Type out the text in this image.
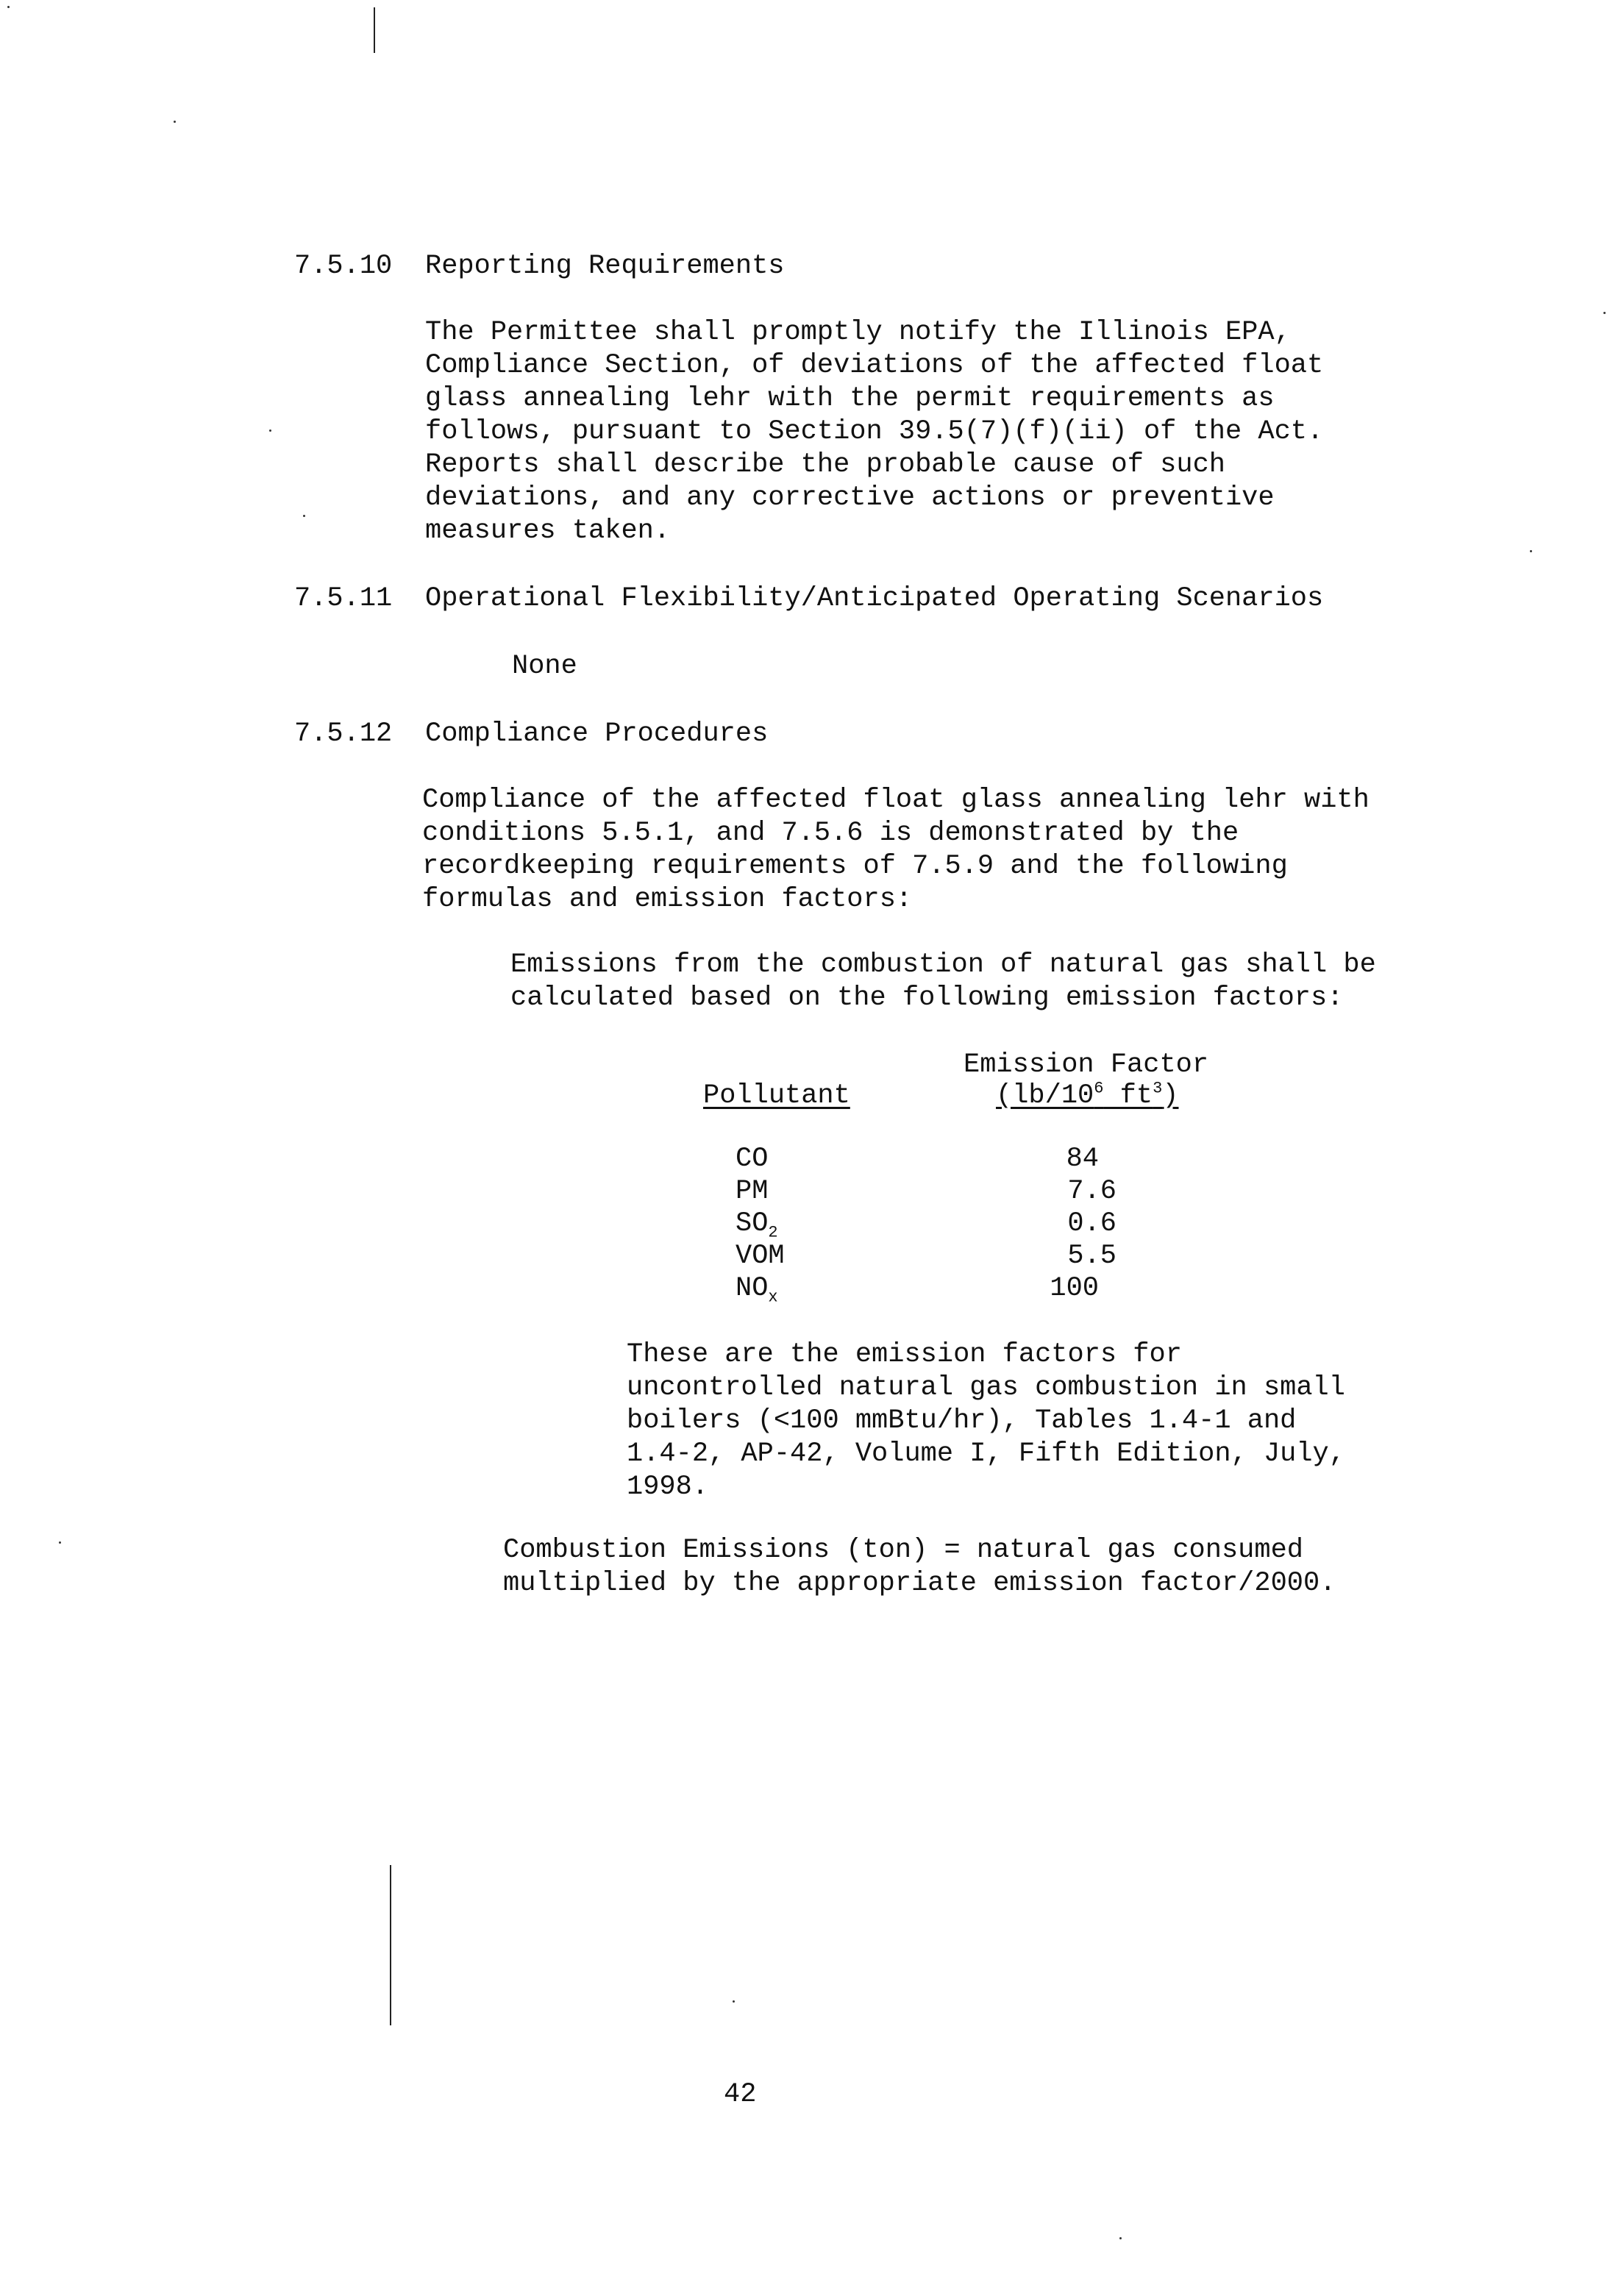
7.5.10 Reporting Requirements
The Permittee shall promptly notify the Illinois EPA,
Compliance Section, of deviations of the affected float
glass annealing lehr with the permit requirements as
follows, pursuant to Section 39.5(7)(f)(ii) of the Act.
Reports shall describe the probable cause of such
deviations, and any corrective actions or preventive
measures taken.
7.5.11 Operational Flexibility/Anticipated Operating Scenarios
None
7.5.12 Compliance Procedures
Compliance of the affected float glass annealing lehr with
conditions 5.5.1, and 7.5.6 is demonstrated by the
recordkeeping requirements of 7.5.9 and the following
formulas and emission factors:
Emissions from the combustion of natural gas shall be
calculated based on the following emission factors:
Emission Factor
Pollutant	($lb/10^6$ $ft^3$)
CO	84
PM	7.6
$SO_2$	0.6
VOM	5.5
$NO_x$	100
These are the emission factors for
uncontrolled natural gas combustion in small
boilers (<100 mmBtu/hr), Tables 1.4-1 and
1.4-2, AP-42, Volume I, Fifth Edition, July,
1998.
Combustion Emissions (ton) = natural gas consumed
multiplied by the appropriate emission factor/2000.
42
